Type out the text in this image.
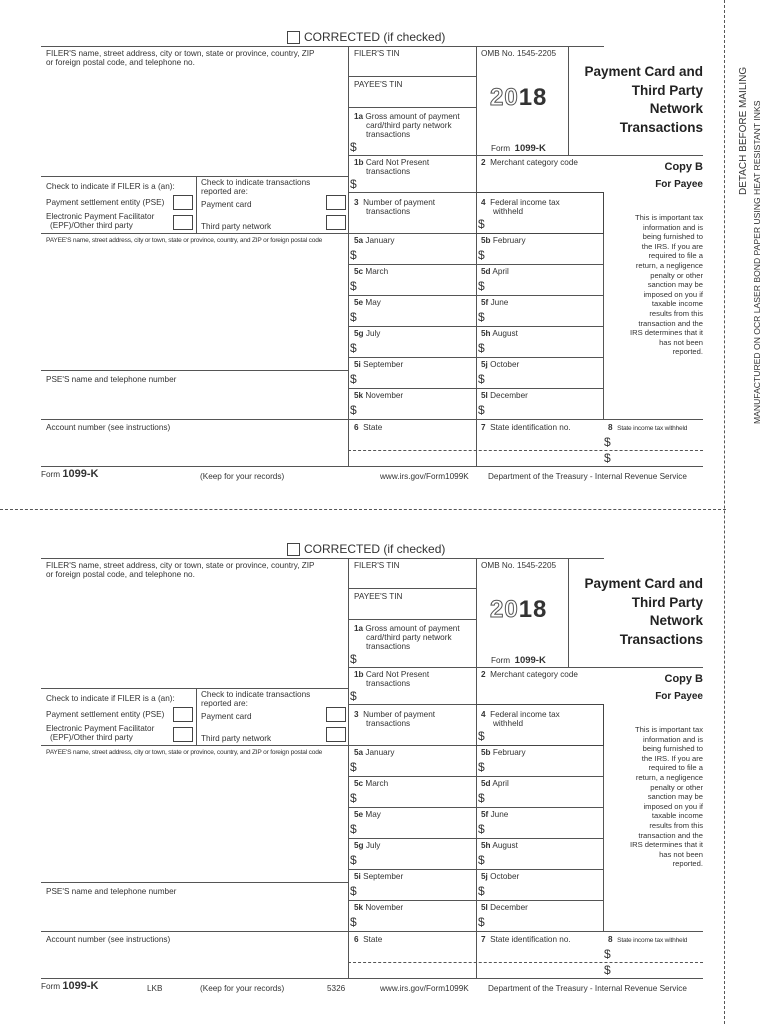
CORRECTED (if checked)
FILER'S name, street address, city or town, state or province, country, ZIP
or foreign postal code, and telephone no.
FILER'S TIN
PAYEE'S TIN
OMB No. 1545-2205
2018
Form 1099-K
Payment Card and
Third Party
Network
Transactions
1a Gross amount of payment
card/third party network
transactions
$
1b Card Not Present
transactions
$
2 Merchant category code	Copy B
For Payee
Check to indicate if FILER is a (an):	Check to indicate transactions
reported are:
Payment settlement entity (PSE)	Payment card
Electronic Payment Facilitator
(EPF)/Other third party	Third party network
3 Number of payment
transactions
4 Federal income tax
withheld
$
PAYEE'S name, street address, city or town, state or province, country, and ZIP or foreign postal code
This is important tax
information and is
being furnished to
the IRS. If you are
required to file a
return, a negligence
penalty or other
sanction may be
imposed on you if
taxable income
results from this
transaction and the
IRS determines that it
has not been
reported.
5a January
$
5b February
$
5c March
$
5d April
$
5e May
$
5f June
$
5g July
$
5h August
$
5i September
$
5j October
$
5k November
$
5l December
$
PSE'S name and telephone number
Account number (see instructions)	6 State	7 State identification no.	8 State income tax withheld
$
$
Form 1099-K	(Keep for your records)	www.irs.gov/Form1099K Department of the Treasury - Internal Revenue Service
CORRECTED (if checked)
FILER'S name, street address, city or town, state or province, country, ZIP
or foreign postal code, and telephone no.
FILER'S TIN
PAYEE'S TIN
OMB No. 1545-2205
2018
Form 1099-K
Payment Card and
Third Party
Network
Transactions
1a Gross amount of payment
card/third party network
transactions
$
1b Card Not Present
transactions
$
2 Merchant category code	Copy B
For Payee
Check to indicate if FILER is a (an):	Check to indicate transactions
reported are:
Payment settlement entity (PSE)	Payment card
Electronic Payment Facilitator
(EPF)/Other third party	Third party network
3 Number of payment
transactions
4 Federal income tax
withheld
$
PAYEE'S name, street address, city or town, state or province, country, and ZIP or foreign postal code
This is important tax
information and is
being furnished to
the IRS. If you are
required to file a
return, a negligence
penalty or other
sanction may be
imposed on you if
taxable income
results from this
transaction and the
IRS determines that it
has not been
reported.
5a January
$
5b February
$
5c March
$
5d April
$
5e May
$
5f June
$
5g July
$
5h August
$
5i September
$
5j October
$
5k November
$
5l December
$
PSE'S name and telephone number
Account number (see instructions)	6 State	7 State identification no.	8 State income tax withheld
$
$
Form 1099-K	LKB	(Keep for your records)	5326	www.irs.gov/Form1099K Department of the Treasury - Internal Revenue Service
DETACH BEFORE MAILING MANUFACTURED ON OCR LASER BOND PAPER USING HEAT RESISTANT INKS
